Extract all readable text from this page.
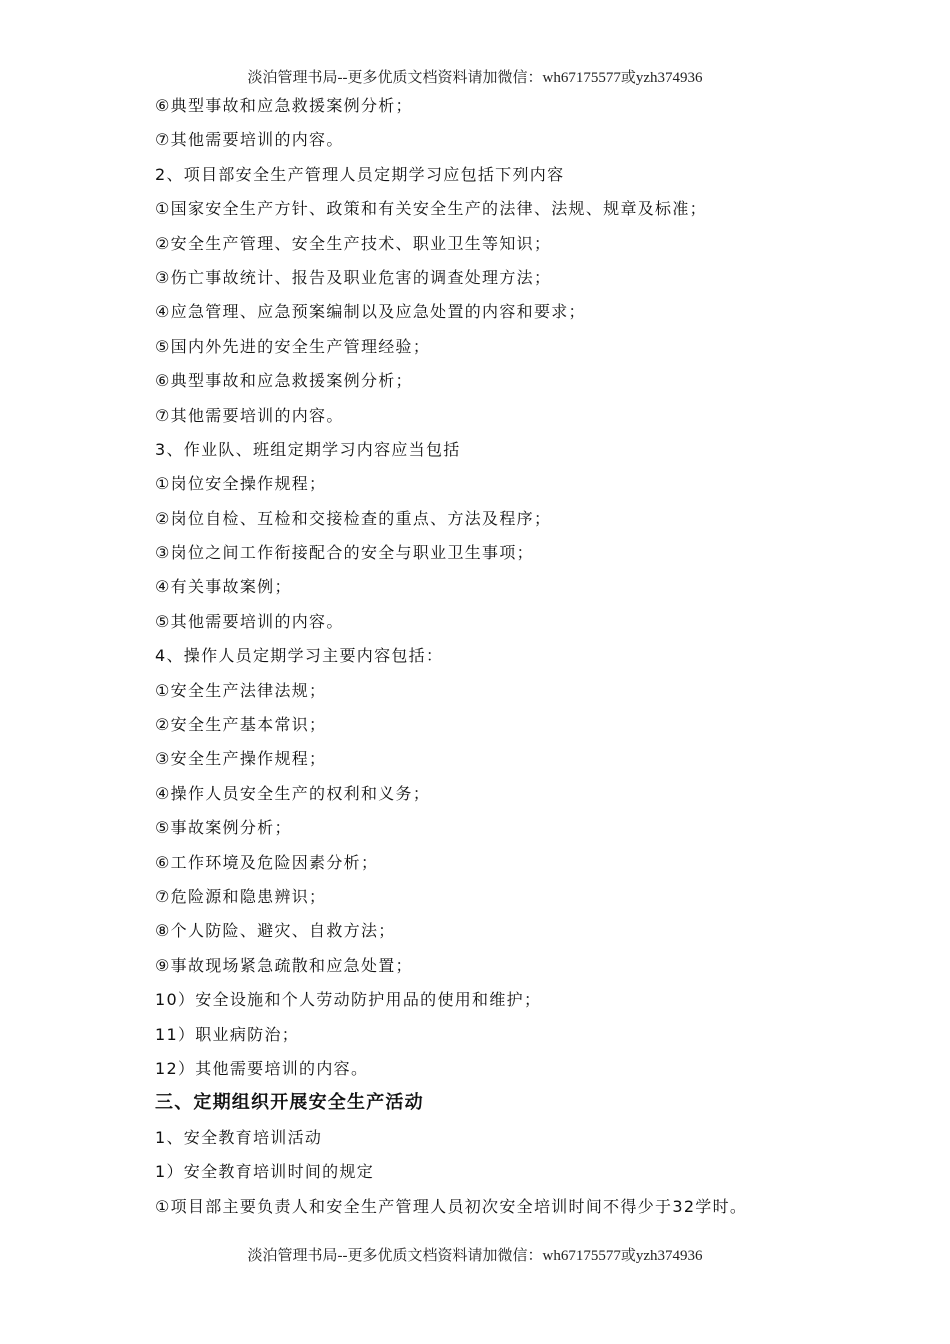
淡泊管理书局--更多优质文档资料请加微信：wh67175577或yzh374936
⑥典型事故和应急救援案例分析；
⑦其他需要培训的内容。
2、项目部安全生产管理人员定期学习应包括下列内容
①国家安全生产方针、政策和有关安全生产的法律、法规、规章及标准；
②安全生产管理、安全生产技术、职业卫生等知识；
③伤亡事故统计、报告及职业危害的调查处理方法；
④应急管理、应急预案编制以及应急处置的内容和要求；
⑤国内外先进的安全生产管理经验；
⑥典型事故和应急救援案例分析；
⑦其他需要培训的内容。
3、作业队、班组定期学习内容应当包括
①岗位安全操作规程；
②岗位自检、互检和交接检查的重点、方法及程序；
③岗位之间工作衔接配合的安全与职业卫生事项；
④有关事故案例；
⑤其他需要培训的内容。
4、操作人员定期学习主要内容包括：
①安全生产法律法规；
②安全生产基本常识；
③安全生产操作规程；
④操作人员安全生产的权利和义务；
⑤事故案例分析；
⑥工作环境及危险因素分析；
⑦危险源和隐患辨识；
⑧个人防险、避灾、自救方法；
⑨事故现场紧急疏散和应急处置；
10）安全设施和个人劳动防护用品的使用和维护；
11）职业病防治；
12）其他需要培训的内容。
三、定期组织开展安全生产活动
1、安全教育培训活动
1）安全教育培训时间的规定
①项目部主要负责人和安全生产管理人员初次安全培训时间不得少于32学时。
淡泊管理书局--更多优质文档资料请加微信：wh67175577或yzh374936
